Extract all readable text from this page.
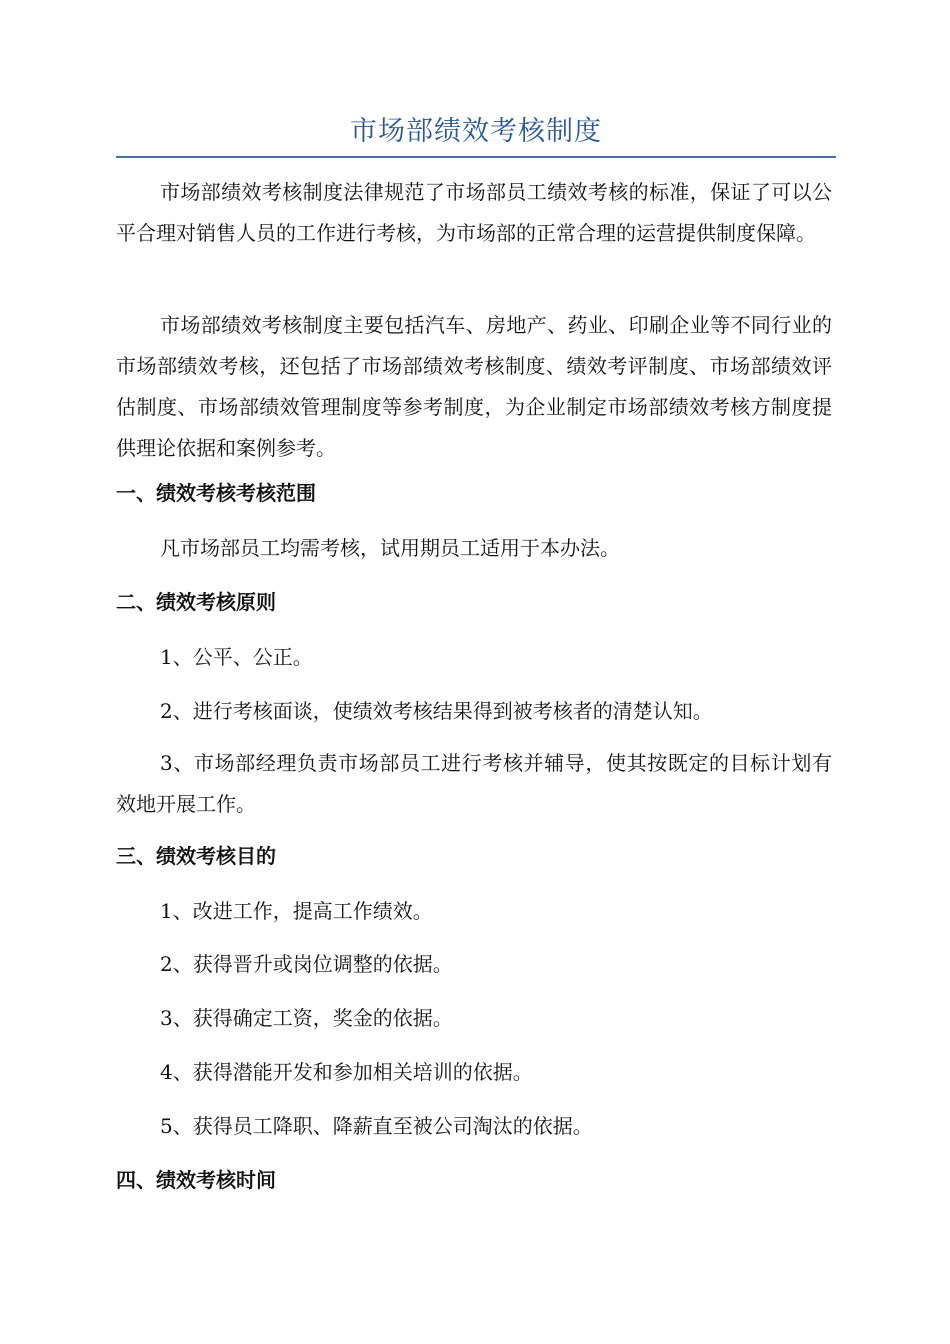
市场部绩效考核制度

市场部绩效考核制度法律规范了市场部员工绩效考核的标准，保证了可以公平合理对销售人员的工作进行考核，为市场部的正常合理的运营提供制度保障。

市场部绩效考核制度主要包括汽车、房地产、药业、印刷企业等不同行业的市场部绩效考核，还包括了市场部绩效考核制度、绩效考评制度、市场部绩效评估制度、市场部绩效管理制度等参考制度，为企业制定市场部绩效考核方制度提供理论依据和案例参考。

一、绩效考核考核范围

凡市场部员工均需考核，试用期员工适用于本办法。

二、绩效考核原则

1、公平、公正。

2、进行考核面谈，使绩效考核结果得到被考核者的清楚认知。

3、市场部经理负责市场部员工进行考核并辅导，使其按既定的目标计划有效地开展工作。

三、绩效考核目的

1、改进工作，提高工作绩效。

2、获得晋升或岗位调整的依据。

3、获得确定工资，奖金的依据。

4、获得潜能开发和参加相关培训的依据。

5、获得员工降职、降薪直至被公司淘汰的依据。

四、绩效考核时间
